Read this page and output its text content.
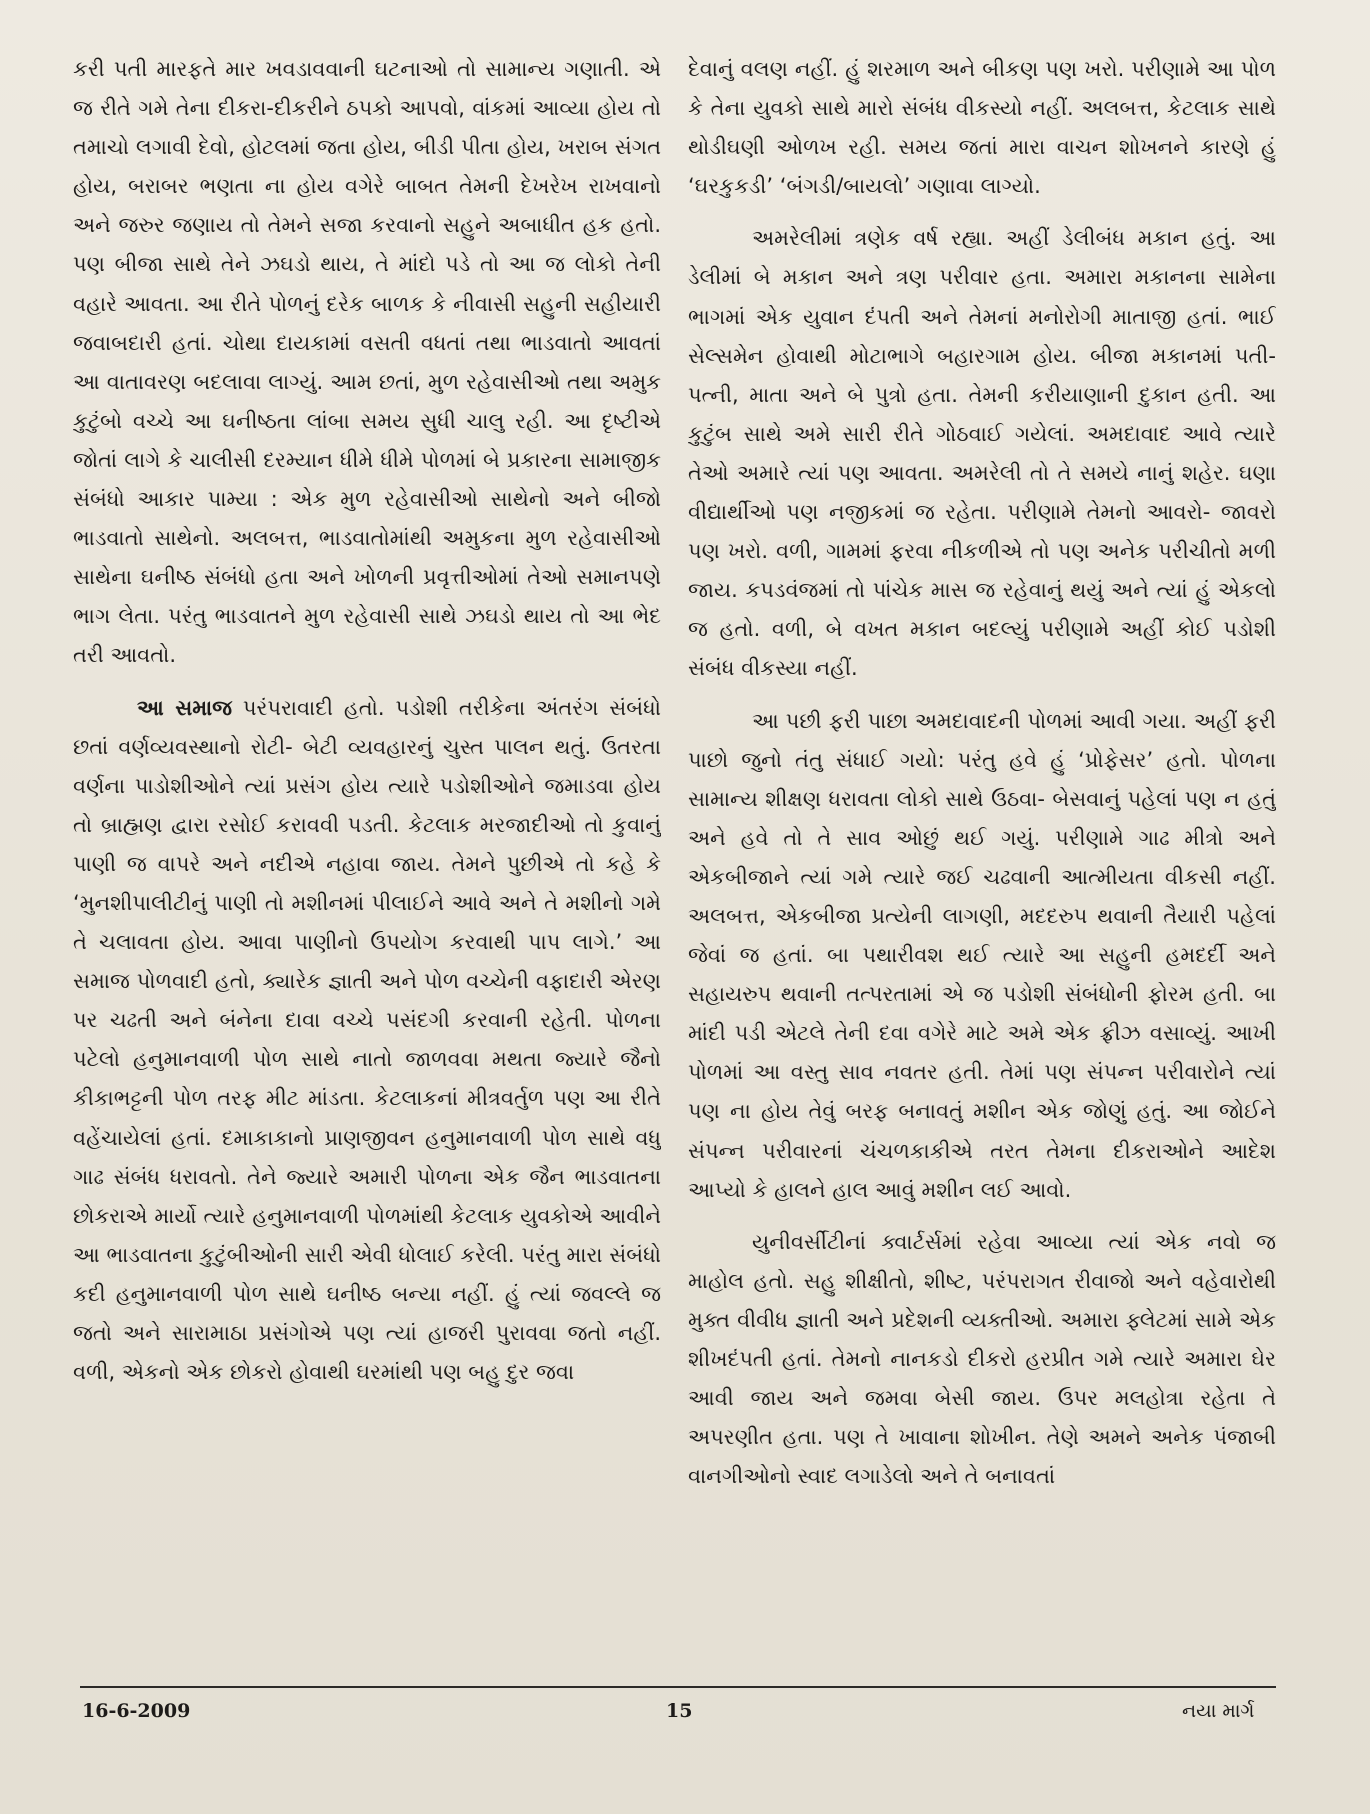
કરી પતી મારફતે માર ખવડાવવાની ઘટનાઓ તો સામાન્ય ગણાતી. એ જ રીતે ગમે તેના દીકરા-દીકરીને ઠપકો આપવો, વાંકમાં આવ્યા હોય તો તમાચો લગાવી દેવો, હોટલમાં જતા હોય, બીડી પીતા હોય, ખરાબ સંગત હોય, બરાબર ભણતા ના હોય વગેરે બાબત તેમની દેખરેખ રાખવાનો અને જરુર જણાય તો તેમને સજા કરવાનો સહુને અબાધીત હક હતો. પણ બીજા સાથે તેને ઝઘડો થાય, તે માંદો પડે તો આ જ લોકો તેની વહારે આવતા. આ રીતે પોળનું દરેક બાળક કે નીવાસી સહુની સહીયારી જવાબદારી હતાં. ચોથા દાયકામાં વસતી વધતાં તથા ભાડવાતો આવતાં આ વાતાવરણ બદલાવા લાગ્યું. આમ છતાં, મુળ રહેવાસીઓ તથા અમુક કુટુંબો વચ્ચે આ ઘનીષ્ઠતા લાંબા સમય સુધી ચાલુ રહી. આ દૃષ્ટીએ જોતાં લાગે કે ચાલીસી દરમ્યાન ધીમે ધીમે પોળમાં બે પ્રકારના સામાજીક સંબંધો આકાર પામ્યા : એક મુળ રહેવાસીઓ સાથેનો અને બીજો ભાડવાતો સાથેનો. અલબત્ત, ભાડવાતોમાંથી અમુકના મુળ રહેવાસીઓ સાથેના ઘનીષ્ઠ સંબંધો હતા અને ખોળની પ્રવૃત્તીઓમાં તેઓ સમાનપણે ભાગ લેતા. પરંતુ ભાડવાતને મુળ રહેવાસી સાથે ઝઘડો થાય તો આ ભેદ તરી આવતો.

આ સમાજ પરંપરાવાદી હતો. પડોશી તરીકેના અંતરંગ સંબંધો છતાં વર્ણવ્યવસ્થાનો રોટી- બેટી વ્યવહારનું ચુસ્ત પાલન થતું. ઉતરતા વર્ણના પાડોશીઓને ત્યાં પ્રસંગ હોય ત્યારે પડોશીઓને જમાડવા હોય તો બ્રાહ્મણ દ્વારા રસોઈ કરાવવી પડતી. કેટલાક મરજાદીઓ તો કુવાનું પાણી જ વાપરે અને નદીએ નહાવા જાય. તેમને પુછીએ તો કહે કે ‘મુનશીપાલીટીનું પાણી તો મશીનમાં પીલાઈને આવે અને તે મશીનો ગમે તે ચલાવતા હોય. આવા પાણીનો ઉપયોગ કરવાથી પાપ લાગે.’ આ સમાજ પોળવાદી હતો, ક્યારેક જ્ઞાતી અને પોળ વચ્ચેની વફાદારી એરણ પર ચઢતી અને બંનેના દાવા વચ્ચે પસંદગી કરવાની રહેતી. પોળના પટેલો હનુમાનવાળી પોળ સાથે નાતો જાળવવા મથતા જ્યારે જૈનો કીકાભટ્ટની પોળ તરફ મીટ માંડતા. કેટલાકનાં મીત્રવર્તુળ પણ આ રીતે વહેંચાયેલાં હતાં. દમાકાકાનો પ્રાણજીવન હનુમાનવાળી પોળ સાથે વધુ ગાઢ સંબંધ ધરાવતો. તેને જ્યારે અમારી પોળના એક જૈન ભાડવાતના છોકરાએ માર્યો ત્યારે હનુમાનવાળી પોળમાંથી કેટલાક યુવકોએ આવીને આ ભાડવાતના કુટુંબીઓની સારી એવી ધોલાઈ કરેલી. પરંતુ મારા સંબંધો કદી હનુમાનવાળી પોળ સાથે ઘનીષ્ઠ બન્યા નહીં. હું ત્યાં જવલ્લે જ જતો અને સારામાઠા પ્રસંગોએ પણ ત્યાં હાજરી પુરાવવા જતો નહીં. વળી, એકનો એક છોકરો હોવાથી ઘરમાંથી પણ બહુ દુર જવા

દેવાનું વલણ નહીં. હું શરમાળ અને બીકણ પણ ખરો. પરીણામે આ પોળ કે તેના યુવકો સાથે મારો સંબંધ વીકસ્યો નહીં. અલબત્ત, કેટલાક સાથે થોડીઘણી ઓળખ રહી. સમય જતાં મારા વાચન શોખનને કારણે હું ‘ઘરકુકડી’ ‘બંગડી/બાયલો’ ગણાવા લાગ્યો.

અમરેલીમાં ત્રણેક વર્ષ રહ્યા. અહીં ડેલીબંધ મકાન હતું. આ ડેલીમાં બે મકાન અને ત્રણ પરીવાર હતા. અમારા મકાનના સામેના ભાગમાં એક યુવાન દંપતી અને તેમનાં મનોરોગી માતાજી હતાં. ભાઈ સેલ્સમેન હોવાથી મોટાભાગે બહારગામ હોય. બીજા મકાનમાં પતી- પત્ની, માતા અને બે પુત્રો હતા. તેમની કરીયાણાની દુકાન હતી. આ કુટુંબ સાથે અમે સારી રીતે ગોઠવાઈ ગયેલાં. અમદાવાદ આવે ત્યારે તેઓ અમારે ત્યાં પણ આવતા. અમરેલી તો તે સમયે નાનું શહેર. ઘણા વીદ્યાર્થીઓ પણ નજીકમાં જ રહેતા. પરીણામે તેમનો આવરો- જાવરો પણ ખરો. વળી, ગામમાં ફરવા નીકળીએ તો પણ અનેક પરીચીતો મળી જાય. કપડવંજમાં તો પાંચેક માસ જ રહેવાનું થયું અને ત્યાં હું એકલો જ હતો. વળી, બે વખત મકાન બદલ્યું પરીણામે અહીં કોઈ પડોશી સંબંધ વીકસ્યા નહીં.

આ પછી ફરી પાછા અમદાવાદની પોળમાં આવી ગયા. અહીં ફરી પાછો જુનો તંતુ સંધાઈ ગયો: પરંતુ હવે હું ‘પ્રોફેસર’ હતો. પોળના સામાન્ય શીક્ષણ ધરાવતા લોકો સાથે ઉઠવા- બેસવાનું પહેલાં પણ ન હતું અને હવે તો તે સાવ ઓછું થઈ ગયું. પરીણામે ગાઢ મીત્રો અને એકબીજાને ત્યાં ગમે ત્યારે જઈ ચઢવાની આત્મીયતા વીકસી નહીં. અલબત્ત, એકબીજા પ્રત્યેની લાગણી, મદદરુપ થવાની તૈયારી પહેલાં જેવાં જ હતાં. બા પથારીવશ થઈ ત્યારે આ સહુની હમદર્દી અને સહાયરુપ થવાની તત્પરતામાં એ જ પડોશી સંબંધોની ફોરમ હતી. બા માંદી પડી એટલે તેની દવા વગેરે માટે અમે એક ફ્રીઝ વસાવ્યું. આખી પોળમાં આ વસ્તુ સાવ નવતર હતી. તેમાં પણ સંપન્ન પરીવારોને ત્યાં પણ ના હોય તેવું બરફ બનાવતું મશીન એક જોણું હતું. આ જોઈને સંપન્ન પરીવારનાં ચંચળકાકીએ તરત તેમના દીકરાઓને આદેશ આપ્યો કે હાલને હાલ આવું મશીન લઈ આવો.

યુનીવર્સીટીનાં ક્વાર્ટર્સમાં રહેવા આવ્યા ત્યાં એક નવો જ માહોલ હતો. સહુ શીક્ષીતો, શીષ્ટ, પરંપરાગત રીવાજો અને વહેવારોથી મુક્ત વીવીધ જ્ઞાતી અને પ્રદેશની વ્યક્તીઓ. અમારા ફ્લેટમાં સામે એક શીખદંપતી હતાં. તેમનો નાનકડો દીકરો હરપ્રીત ગમે ત્યારે અમારા ઘેર આવી જાય અને જમવા બેસી જાય. ઉપર મલહોત્રા રહેતા તે અપરણીત હતા. પણ તે ખાવાના શોખીન. તેણે અમને અનેક પંજાબી વાનગીઓનો સ્વાદ લગાડેલો અને તે બનાવતાં

16-6-2009	15	નયા માર્ગ
